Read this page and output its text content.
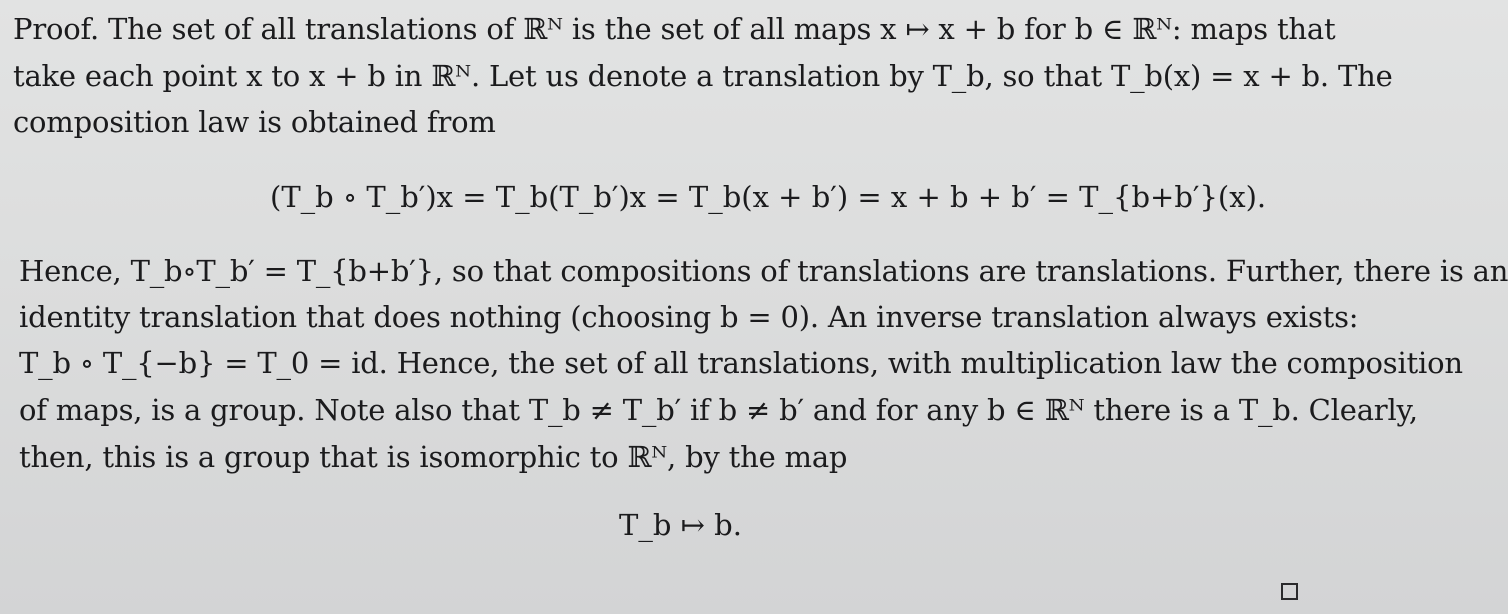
Proof. The set of all translations of ℝᴺ is the set of all maps x ↦ x + b for b ∈ ℝᴺ: maps that
take each point x to x + b in ℝᴺ. Let us denote a translation by T_b, so that T_b(x) = x + b. The
composition law is obtained from
(T_b ∘ T_b′)x = T_b(T_b′)x = T_b(x + b′) = x + b + b′ = T_{b+b′}(x).
Hence, T_b∘T_b′ = T_{b+b′}, so that compositions of translations are translations. Further, there is an
identity translation that does nothing (choosing b = 0). An inverse translation always exists:
T_b ∘ T_{−b} = T_0 = id. Hence, the set of all translations, with multiplication law the composition
of maps, is a group. Note also that T_b ≠ T_b′ if b ≠ b′ and for any b ∈ ℝᴺ there is a T_b. Clearly,
then, this is a group that is isomorphic to ℝᴺ, by the map
T_b ↦ b.
